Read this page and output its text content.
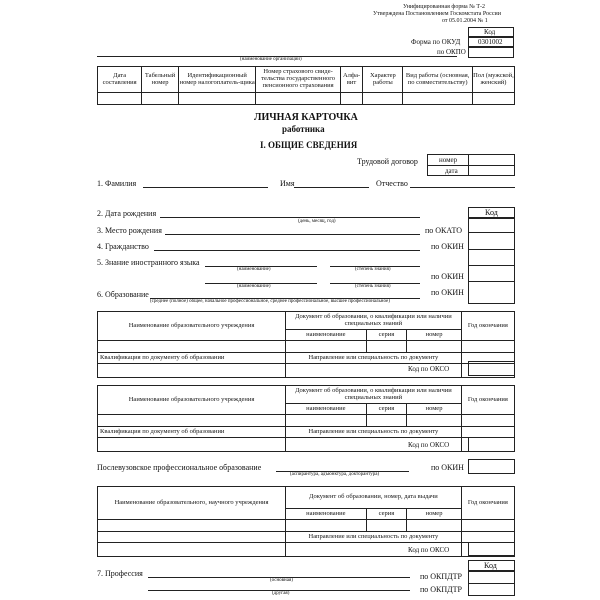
Унифицированная форма № Т-2
Утверждена Постановлением Госкомстата России
от 05.01.2004 № 1
Код
Форма по ОКУД	0301002
по ОКПО
(наименование организации)
Дата составления	Табельный номер	Идентификационный номер налогоплатель-щика	Номер страхового свиде-тельства государственного пенсионного страхования	Алфа-вит	Характер работы	Вид работы (основная, по совместительству)	Пол (мужской, женский)

ЛИЧНАЯ КАРТОЧКА
работника
I. ОБЩИЕ СВЕДЕНИЯ
Трудовой договор	номер
дата
1. Фамилия	Имя	Отчество
Код
2. Дата рождения
(день, месяц, год)
3. Место рождения	по ОКАТО
4. Гражданство	по ОКИН
5. Знание иностранного языка
(наименование)	(степень знания)
по ОКИН
(наименование)	(степень знания)
по ОКИН
6. Образование
(среднее (полное) общее, начальное профессиональное, среднее профессиональное, высшее профессиональное)
Наименование образовательного учреждения	Документ об образовании, о квалификации или наличии специальных знаний			Год окончания
	наименование	серия	номер	

Квалификация по документу об образовании	Направление или специальность по документу			

Код по ОКСО
Наименование образовательного учреждения	Документ об образовании, о квалификации или наличии специальных знаний			Год окончания
	наименование	серия	номер	

Квалификация по документу об образовании	Направление или специальность по документу			

Код по ОКСО
Послевузовское профессиональное образование
(аспирантура, адъюнктура, докторантура)
по ОКИН
Наименование образовательного, научного учреждения	Документ об образовании, номер, дата выдачи			Год окончания
	наименование	серия	номер	

	Направление или специальность по документу			

Код по ОКСО
Код
7. Профессия
(основная)	по ОКПДТР
(другая)	по ОКПДТР
